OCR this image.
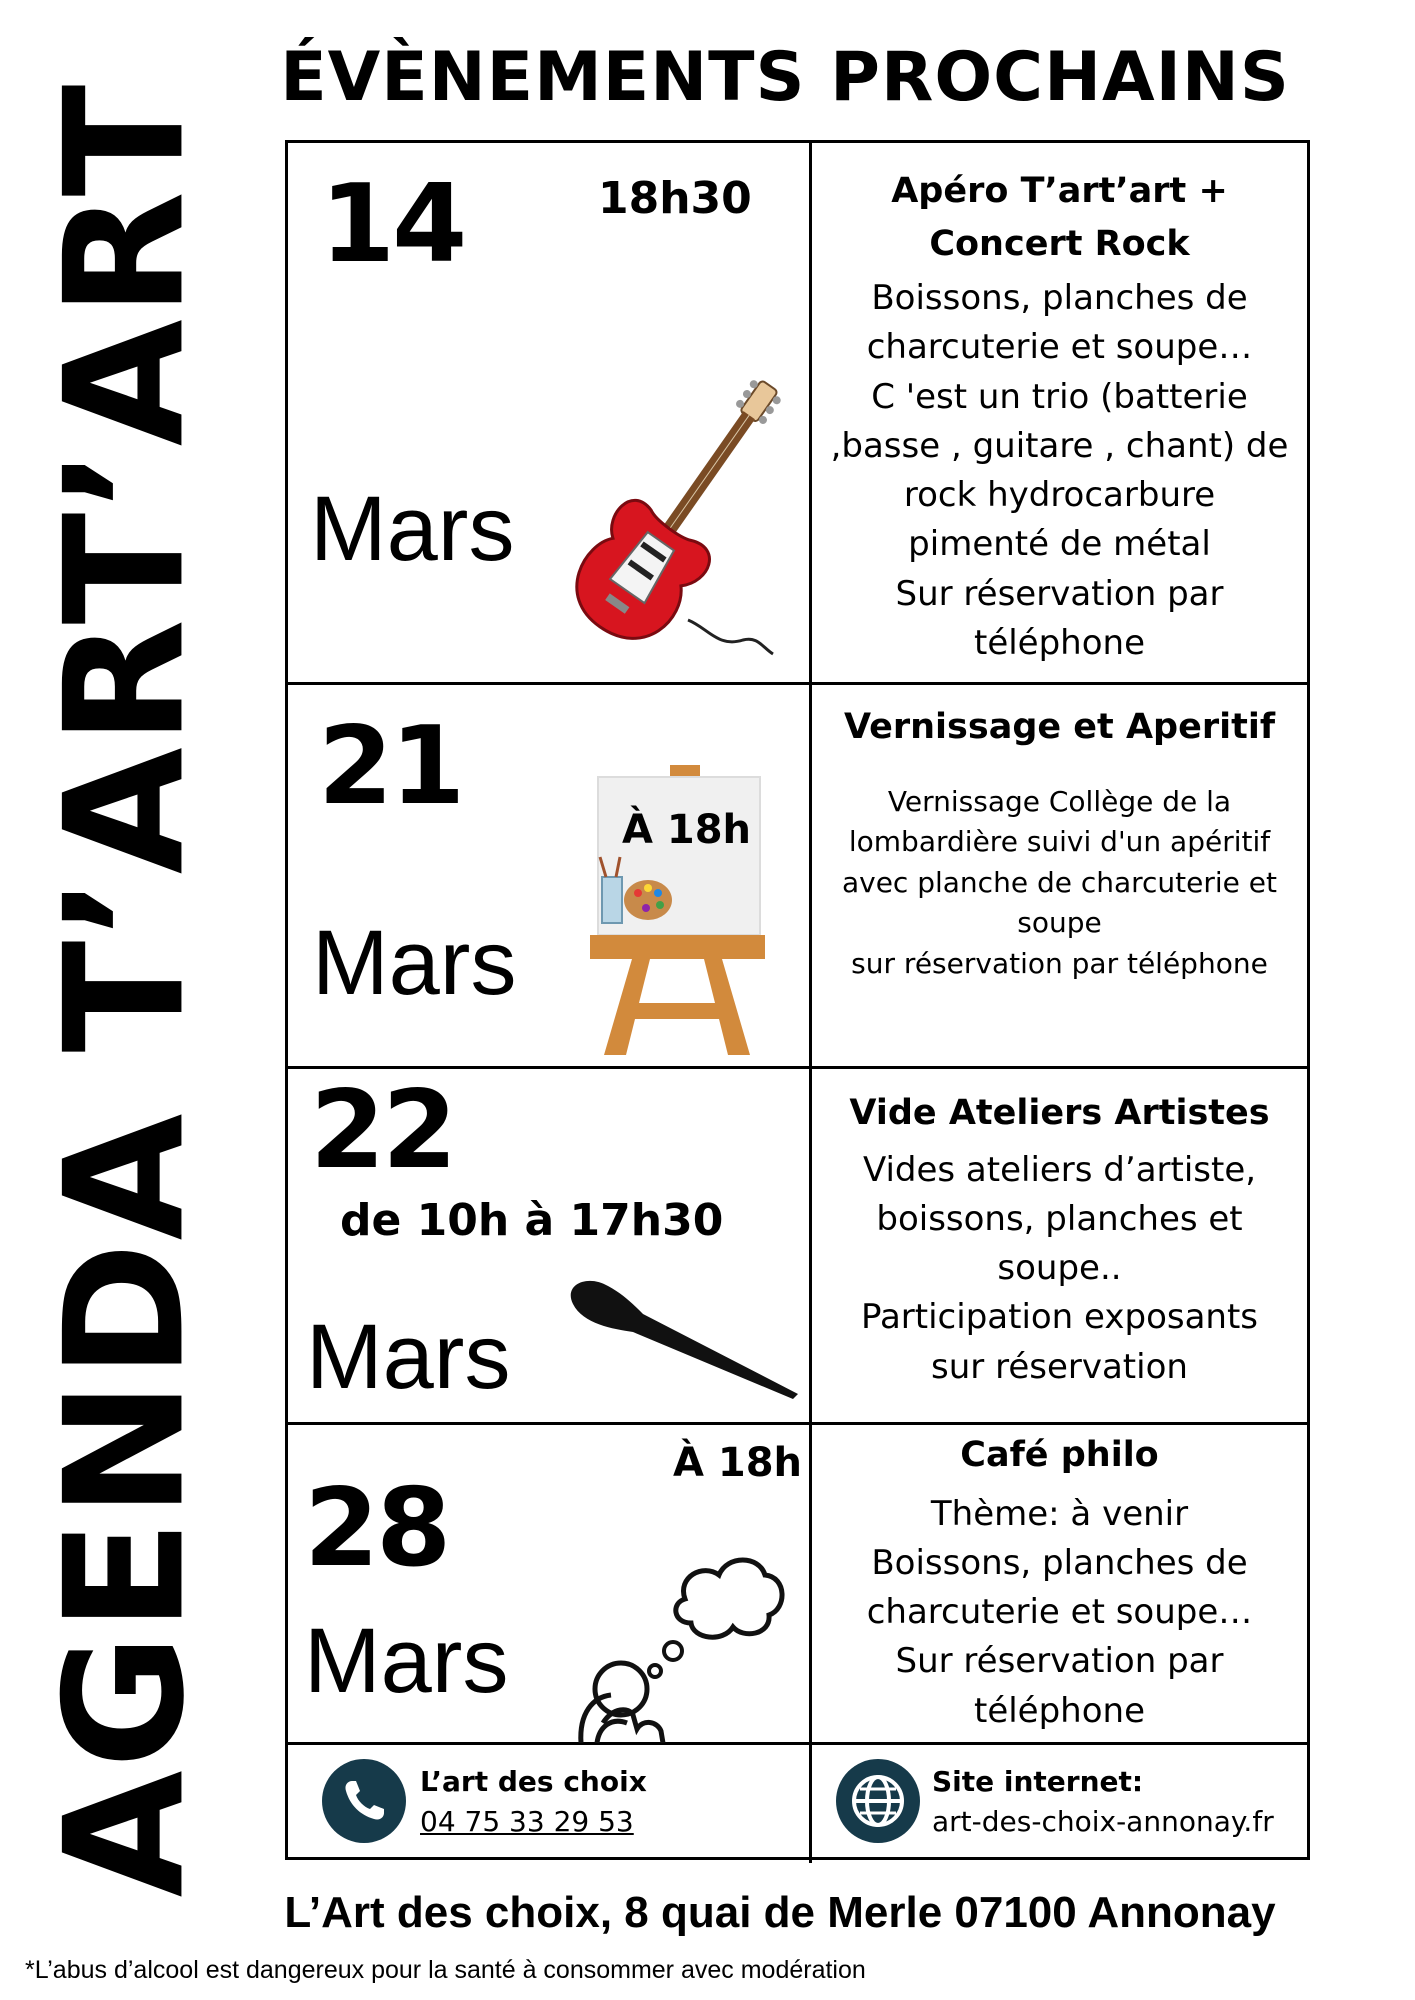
AGENDA T’ART’ART
ÉVÈNEMENTS PROCHAINS
14	18h30
Mars
Apéro T’art’art + Concert Rock
Boissons, planches de
charcuterie et soupe…
C 'est un trio (batterie
,basse , guitare , chant) de
rock hydrocarbure
pimenté de métal
Sur réservation par
téléphone
21
Mars
À 18h
Vernissage et Aperitif
Vernissage Collège de la
lombardière suivi d'un apéritif
avec planche de charcuterie et
soupe
sur réservation par téléphone
22
de 10h à 17h30
Mars
Vide Ateliers Artistes
Vides ateliers d’artiste,
boissons, planches et
soupe..
Participation exposants
sur réservation
À 18h
28
Mars
Café philo
Thème: à venir
Boissons, planches de
charcuterie et soupe…
Sur réservation par
téléphone
L’art des choix
04 75 33 29 53
Site internet:
art-des-choix-annonay.fr
L’Art des choix, 8 quai de Merle 07100 Annonay
*L’abus d’alcool est dangereux pour la santé à consommer avec modération
